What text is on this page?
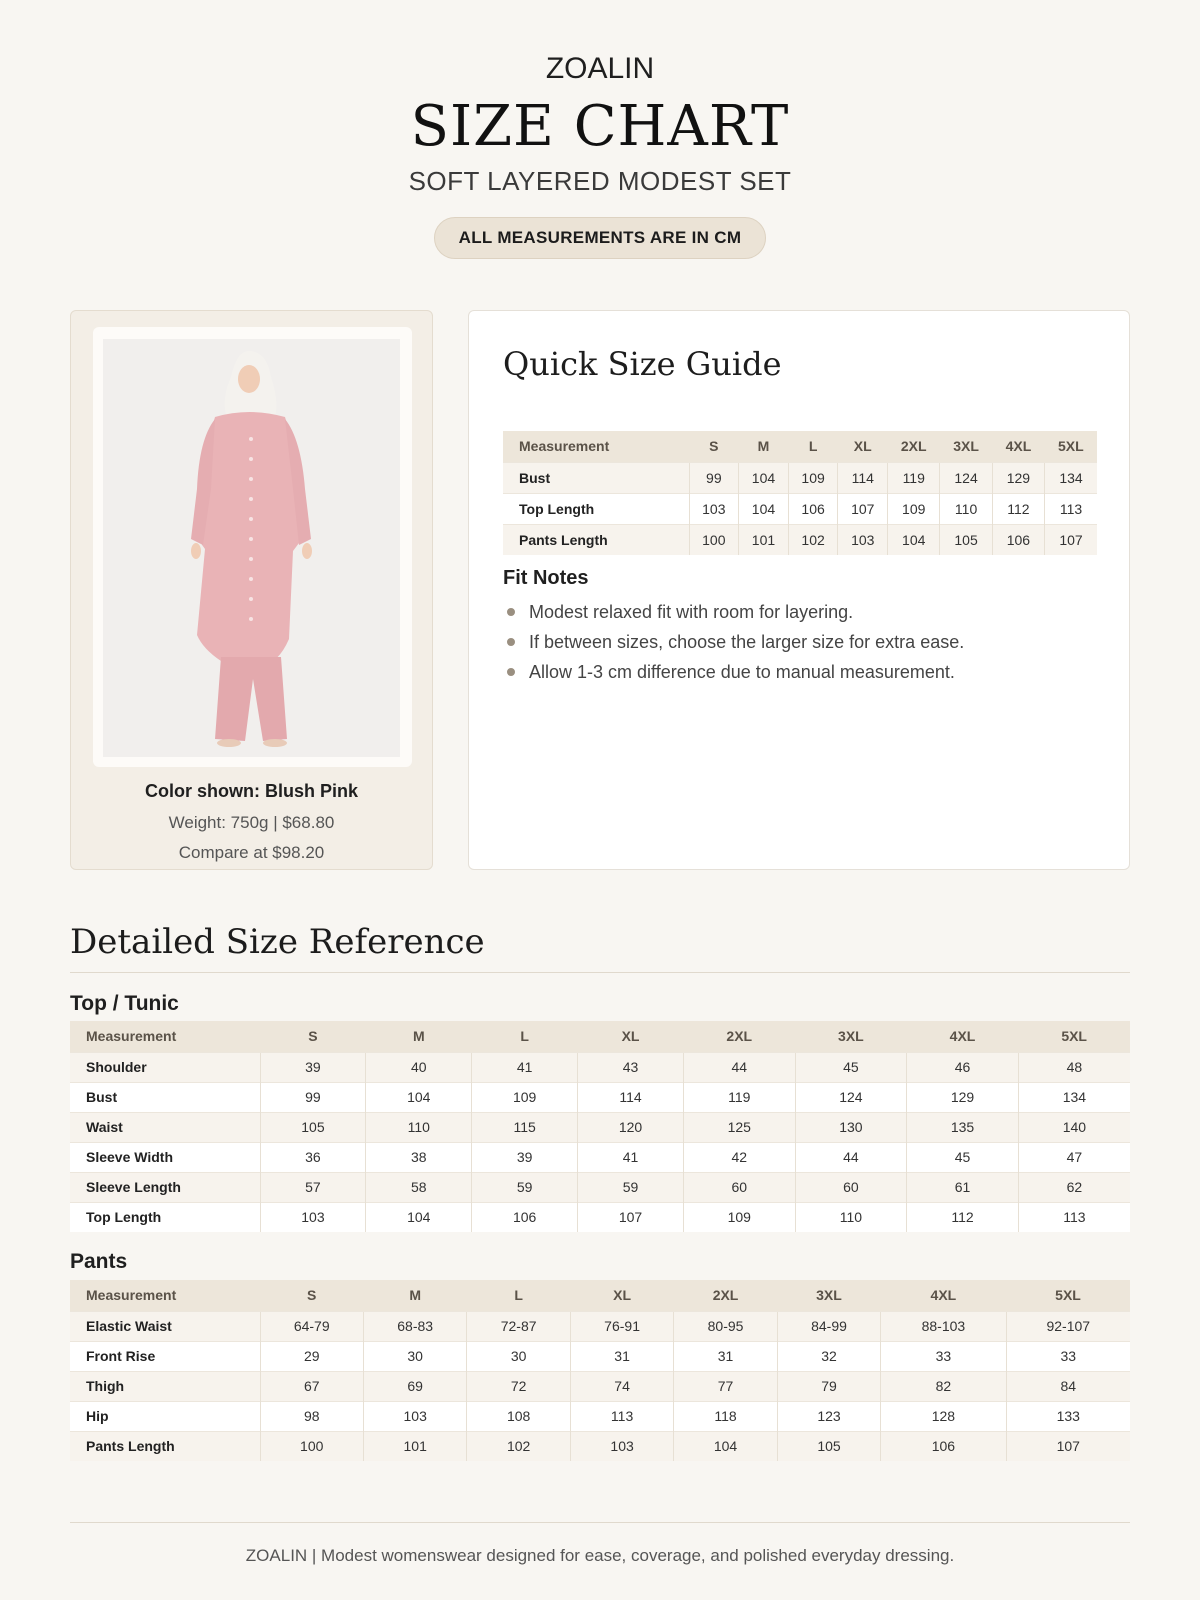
ZOALIN
SIZE CHART
SOFT LAYERED MODEST SET
ALL MEASUREMENTS ARE IN CM
Color shown: Blush Pink
Weight: 750g | $68.80
Compare at $98.20
Quick Size Guide
Measurement	S	M	L	XL	2XL	3XL	4XL	5XL
Bust	99	104	109	114	119	124	129	134
Top Length	103	104	106	107	109	110	112	113
Pants Length	100	101	102	103	104	105	106	107
Fit Notes
Modest relaxed fit with room for layering.
If between sizes, choose the larger size for extra ease.
Allow 1-3 cm difference due to manual measurement.
Detailed Size Reference
Top / Tunic
Measurement	S	M	L	XL	2XL	3XL	4XL	5XL
Shoulder	39	40	41	43	44	45	46	48
Bust	99	104	109	114	119	124	129	134
Waist	105	110	115	120	125	130	135	140
Sleeve Width	36	38	39	41	42	44	45	47
Sleeve Length	57	58	59	59	60	60	61	62
Top Length	103	104	106	107	109	110	112	113
Pants
Measurement	S	M	L	XL	2XL	3XL	4XL	5XL
Elastic Waist	64-79	68-83	72-87	76-91	80-95	84-99	88-103	92-107
Front Rise	29	30	30	31	31	32	33	33
Thigh	67	69	72	74	77	79	82	84
Hip	98	103	108	113	118	123	128	133
Pants Length	100	101	102	103	104	105	106	107
ZOALIN | Modest womenswear designed for ease, coverage, and polished everyday dressing.
